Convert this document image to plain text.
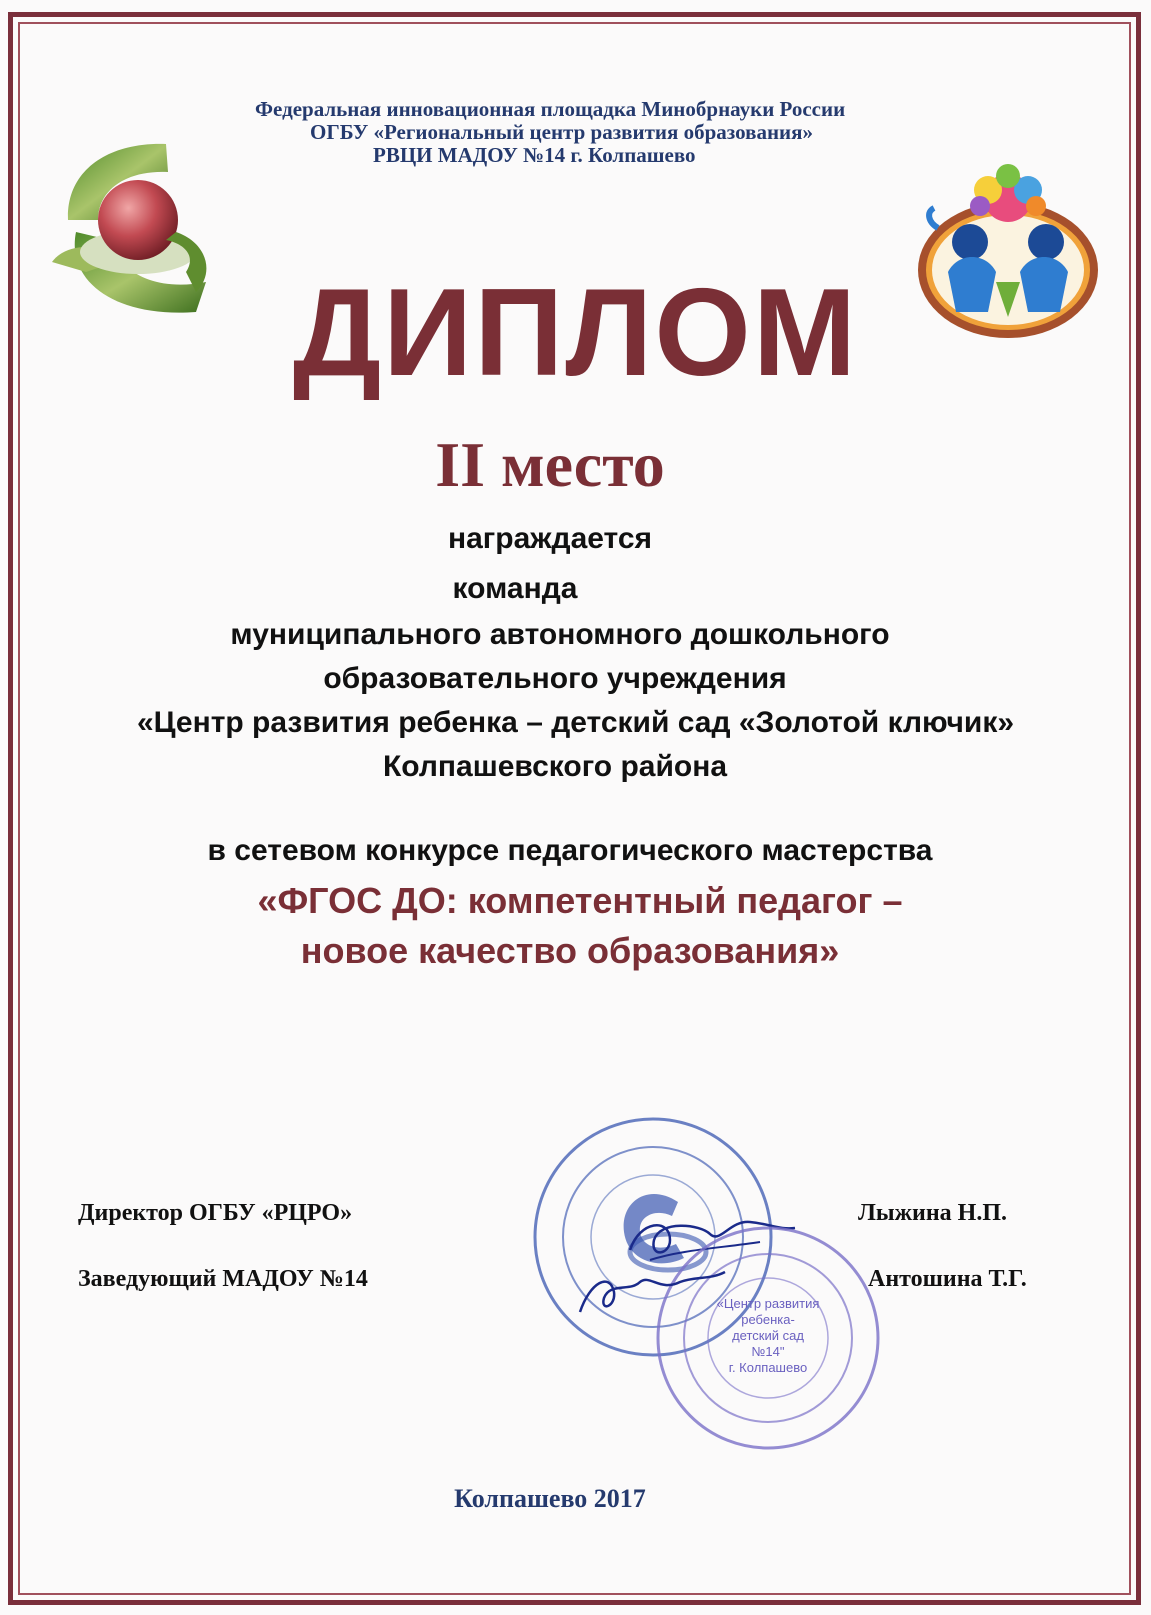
Федеральная инновационная площадка Минобрнауки России
ОГБУ «Региональный центр развития образования»
РВЦИ МАДОУ №14 г. Колпашево
ДИПЛОМ
II место
награждается
команда
муниципального автономного дошкольного
образовательного учреждения
«Центр развития ребенка – детский сад «Золотой ключик»
Колпашевского района
в сетевом конкурсе педагогического мастерства
«ФГОС ДО: компетентный педагог –
новое качество образования»
«Центр развития
ребенка-
детский сад
№14"
г. Колпашево
Директор ОГБУ «РЦРО»	Лыжина Н.П.
Заведующий МАДОУ №14	Антошина Т.Г.
Колпашево 2017
